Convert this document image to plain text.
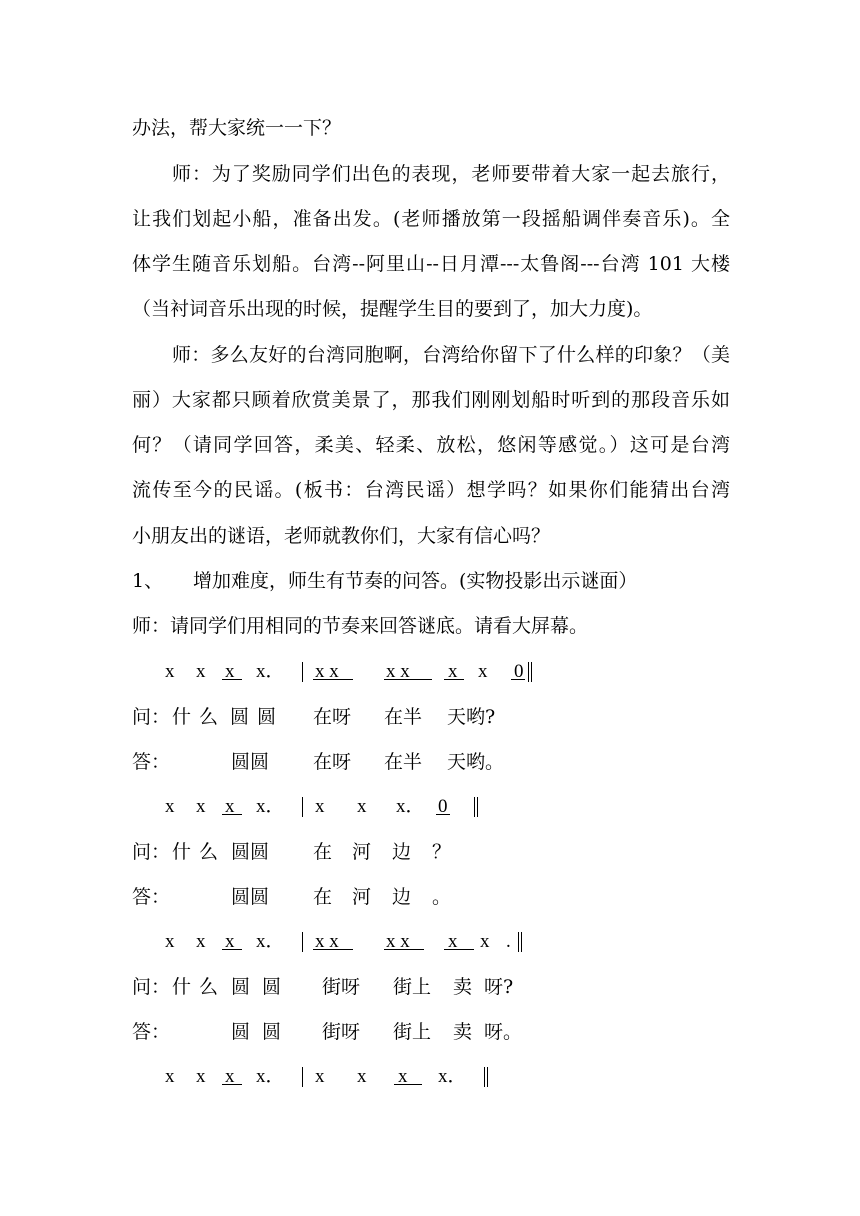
办法，帮大家统一一下？
师：为了奖励同学们出色的表现，老师要带着大家一起去旅行，
让我们划起小船，准备出发。(老师播放第一段摇船调伴奏音乐)。全
体学生随音乐划船。台湾--阿里山--日月潭---太鲁阁---台湾 101 大楼
（当衬词音乐出现的时候，提醒学生目的要到了，加大力度)。
师：多么友好的台湾同胞啊，台湾给你留下了什么样的印象？（美
丽）大家都只顾着欣赏美景了，那我们刚刚划船时听到的那段音乐如
何？（请同学回答，柔美、轻柔、放松，悠闲等感觉。）这可是台湾
流传至今的民谣。(板书：台湾民谣）想学吗？如果你们能猜出台湾
小朋友出的谜语，老师就教你们，大家有信心吗？
1、 增加难度，师生有节奏的问答。(实物投影出示谜面）
师：请同学们用相同的节奏来回答谜底。请看大屏幕。
x x x x． x x x x x x 0
问： 什 么 圆 圆 在呀 在半 天哟?
答：	圆圆 在呀 在半 天哟。
x x x x． x x x． 0
问： 什 么 圆圆 在 河 边 ？
答：	圆圆 在 河 边 。
x x x x． x x x x x x .
问： 什 么 圆 圆 街呀 街上 卖 呀?
答：	圆 圆 街呀 街上 卖 呀。
x x x x． x x x x．
